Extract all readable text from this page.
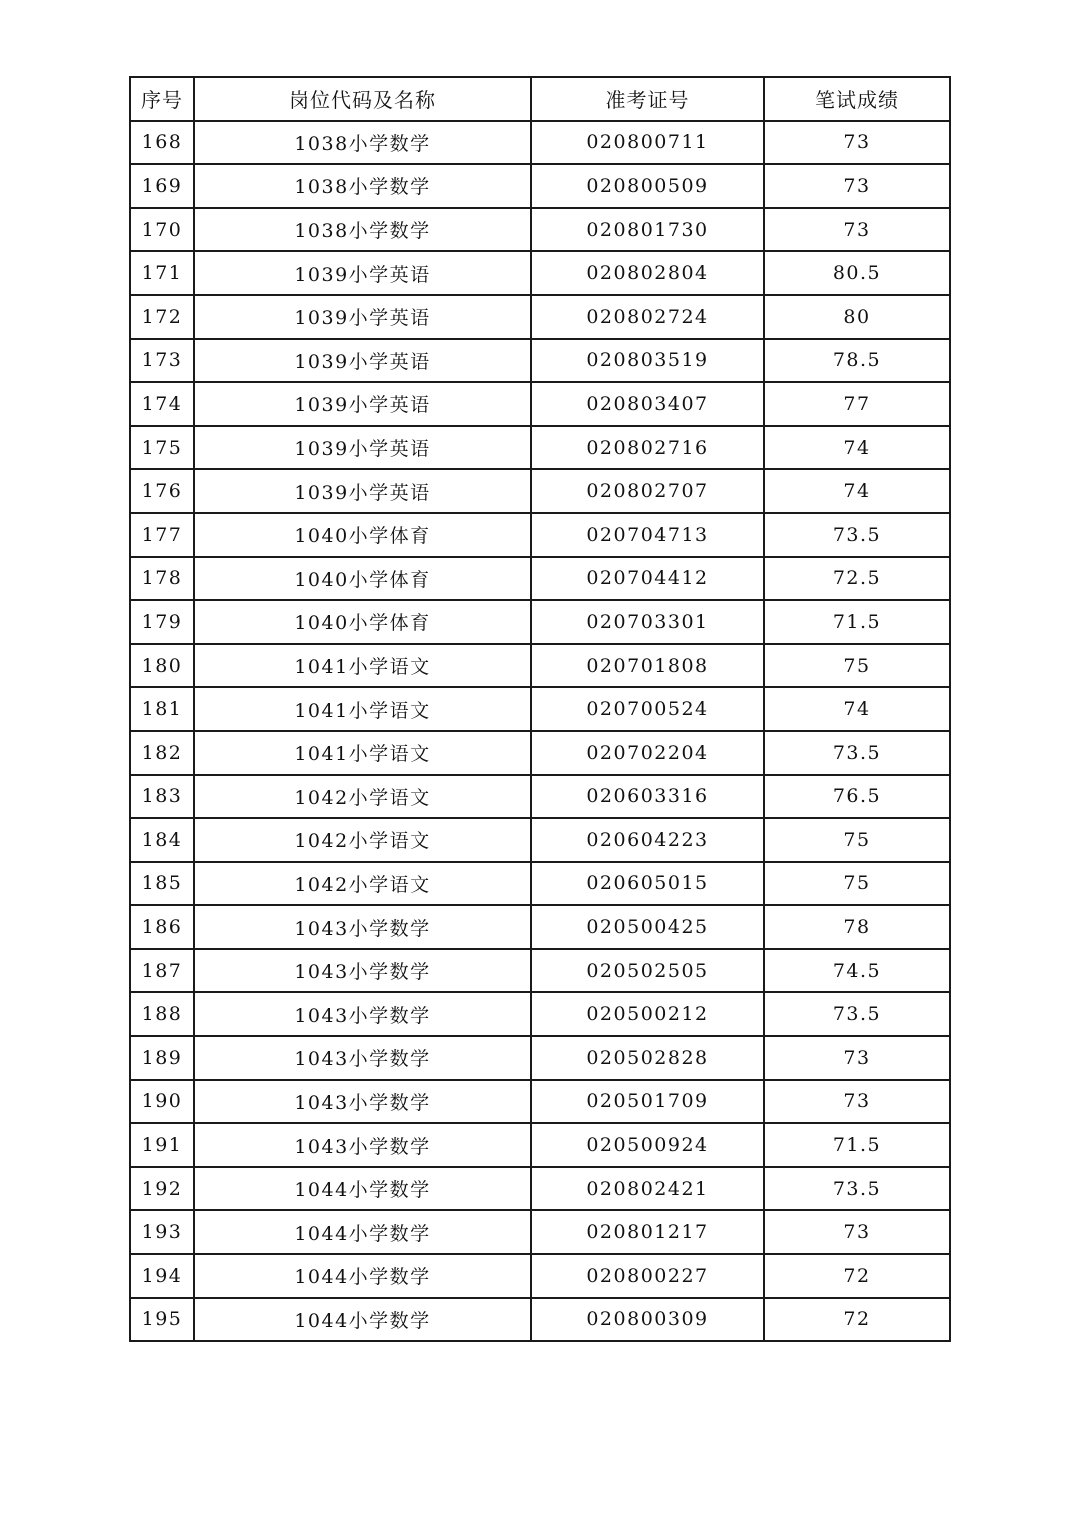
序号	岗位代码及名称	准考证号	笔试成绩
168	1038小学数学	020800711	73
169	1038小学数学	020800509	73
170	1038小学数学	020801730	73
171	1039小学英语	020802804	80.5
172	1039小学英语	020802724	80
173	1039小学英语	020803519	78.5
174	1039小学英语	020803407	77
175	1039小学英语	020802716	74
176	1039小学英语	020802707	74
177	1040小学体育	020704713	73.5
178	1040小学体育	020704412	72.5
179	1040小学体育	020703301	71.5
180	1041小学语文	020701808	75
181	1041小学语文	020700524	74
182	1041小学语文	020702204	73.5
183	1042小学语文	020603316	76.5
184	1042小学语文	020604223	75
185	1042小学语文	020605015	75
186	1043小学数学	020500425	78
187	1043小学数学	020502505	74.5
188	1043小学数学	020500212	73.5
189	1043小学数学	020502828	73
190	1043小学数学	020501709	73
191	1043小学数学	020500924	71.5
192	1044小学数学	020802421	73.5
193	1044小学数学	020801217	73
194	1044小学数学	020800227	72
195	1044小学数学	020800309	72
